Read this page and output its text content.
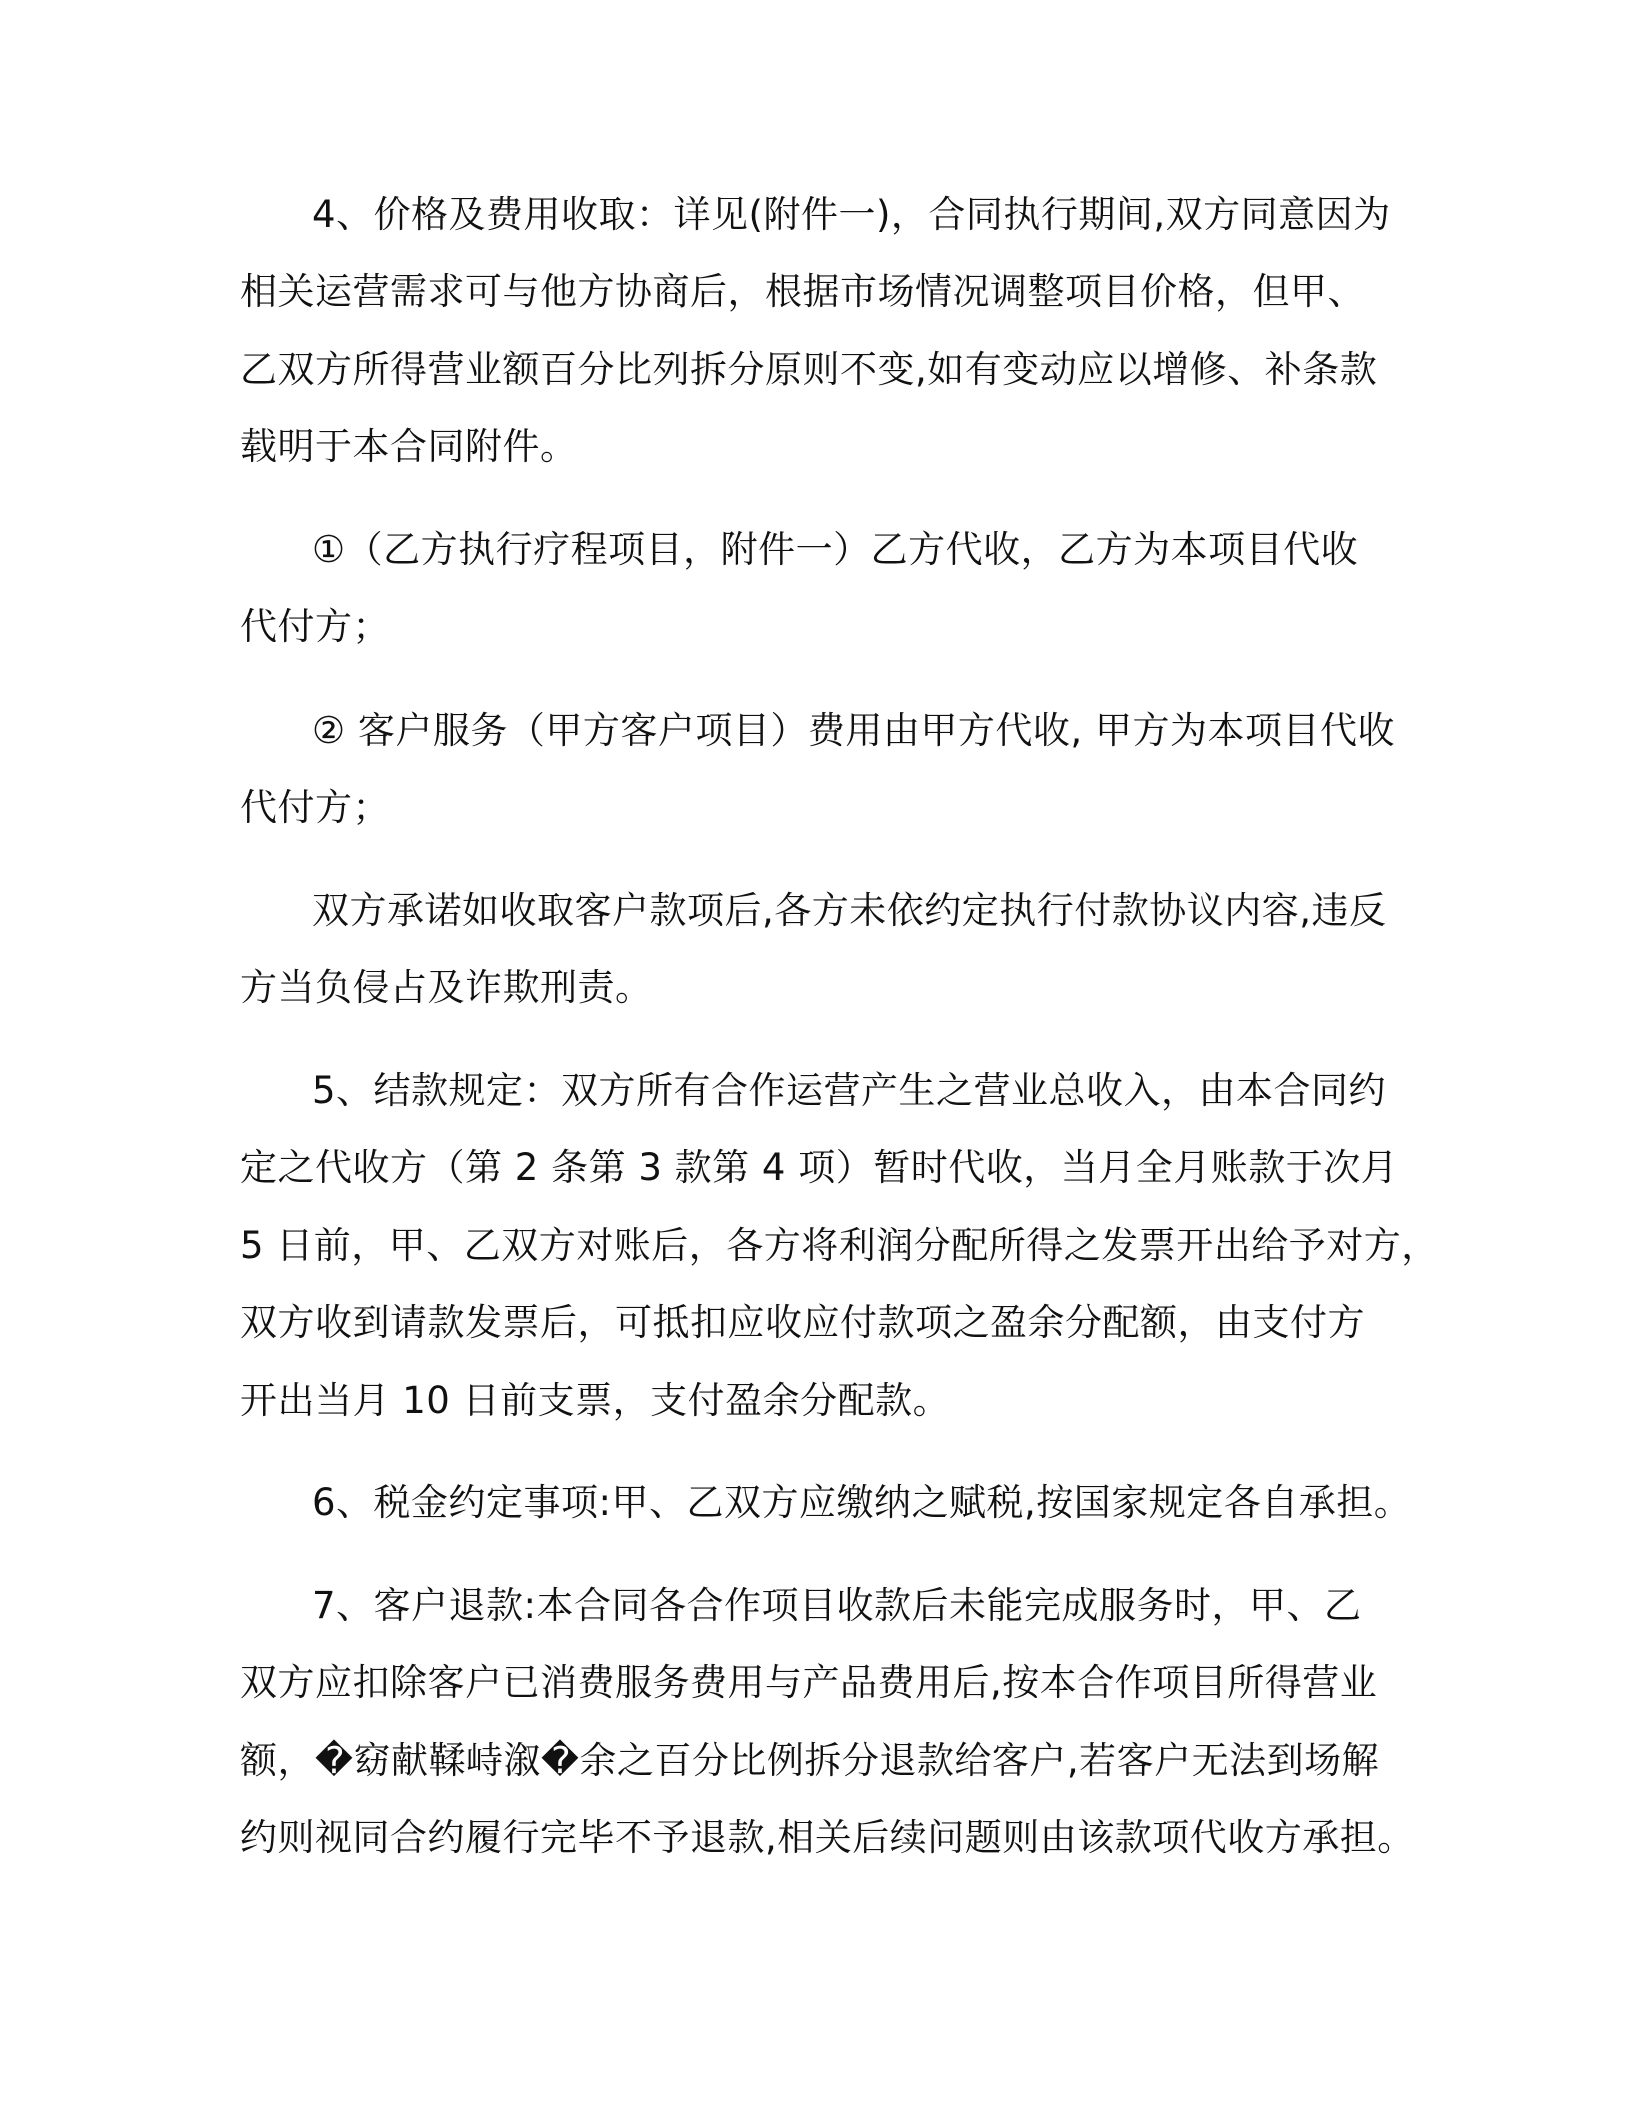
4、价格及费用收取：详见(附件一)，合同执行期间,双方同意因为
相关运营需求可与他方协商后，根据市场情况调整项目价格，但甲、
乙双方所得营业额百分比列拆分原则不变,如有变动应以增修、补条款
载明于本合同附件。
①（乙方执行疗程项目，附件一）乙方代收，乙方为本项目代收
代付方；
② 客户服务（甲方客户项目）费用由甲方代收, 甲方为本项目代收
代付方；
双方承诺如收取客户款项后,各方未依约定执行付款协议内容,违反
方当负侵占及诈欺刑责。
5、结款规定：双方所有合作运营产生之营业总收入，由本合同约
定之代收方（第 2 条第 3 款第 4 项）暂时代收，当月全月账款于次月
5 日前，甲、乙双方对账后，各方将利润分配所得之发票开出给予对方，
双方收到请款发票后，可抵扣应收应付款项之盈余分配额，由支付方
开出当月 10 日前支票，支付盈余分配款。
6、税金约定事项:甲、乙双方应缴纳之赋税,按国家规定各自承担。
7、客户退款:本合同各合作项目收款后未能完成服务时，甲、乙
双方应扣除客户已消费服务费用与产品费用后,按本合作项目所得营业
额，�窈献鞣峙溆�余之百分比例拆分退款给客户,若客户无法到场解
约则视同合约履行完毕不予退款,相关后续问题则由该款项代收方承担。
